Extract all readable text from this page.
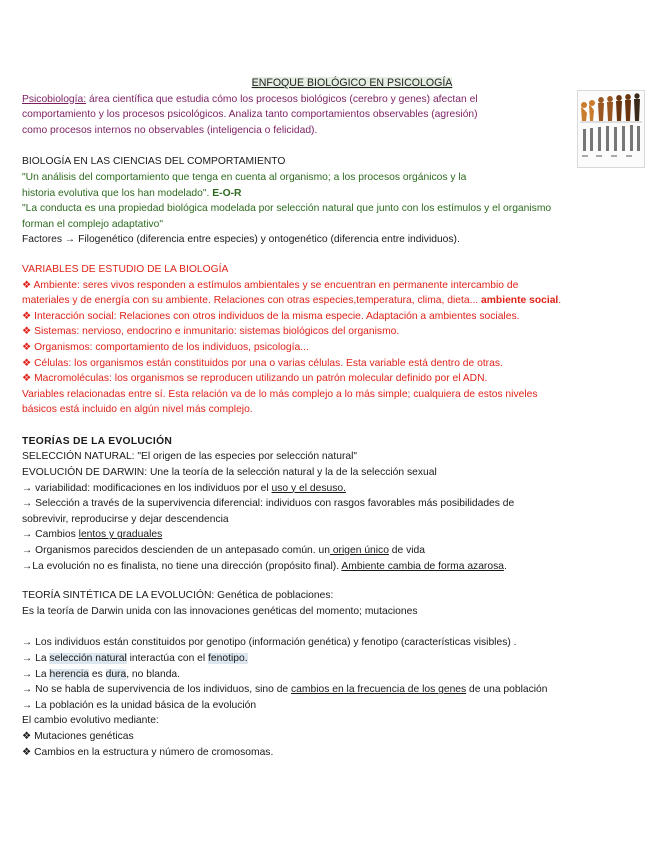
ENFOQUE BIOLÓGICO EN PSICOLOGÍA
Psicobiología: área científica que estudia cómo los procesos biológicos (cerebro y genes) afectan el
comportamiento y los procesos psicológicos. Analiza tanto comportamientos observables (agresión)
como procesos internos no observables (inteligencia o felicidad).
BIOLOGÍA EN LAS CIENCIAS DEL COMPORTAMIENTO
"Un análisis del comportamiento que tenga en cuenta al organismo; a los procesos orgánicos y la
historia evolutiva que los han modelado". E-O-R
"La conducta es una propiedad biológica modelada por selección natural que junto con los estímulos y el organismo
forman el complejo adaptativo"
Factores → Filogenético (diferencia entre especies) y ontogenético (diferencia entre individuos).
VARIABLES DE ESTUDIO DE LA BIOLOGÍA
❖ Ambiente: seres vivos responden a estímulos ambientales y se encuentran en permanente intercambio de
materiales y de energía con su ambiente. Relaciones con otras especies,temperatura, clima, dieta... ambiente social.
❖ Interacción social: Relaciones con otros individuos de la misma especie. Adaptación a ambientes sociales.
❖ Sistemas: nervioso, endocrino e inmunitario: sistemas biológicos del organismo.
❖ Organismos: comportamiento de los individuos, psicología...
❖ Células: los organismos están constituidos por una o varias células. Esta variable está dentro de otras.
❖ Macromoléculas: los organismos se reproducen utilizando un patrón molecular definido por el ADN.
Variables relacionadas entre sí. Esta relación va de lo más complejo a lo más simple; cualquiera de estos niveles
básicos está incluido en algún nivel más complejo.
TEORÍAS DE LA EVOLUCIÓN
SELECCIÓN NATURAL: "El origen de las especies por selección natural"
EVOLUCIÓN DE DARWIN: Une la teoría de la selección natural y la de la selección sexual
→ variabilidad: modificaciones en los individuos por el uso y el desuso.
→ Selección a través de la supervivencia diferencial: individuos con rasgos favorables más posibilidades de
sobrevivir, reproducirse y dejar descendencia
→ Cambios lentos y graduales
→ Organismos parecidos descienden de un antepasado común. un origen único de vida
→La evolución no es finalista, no tiene una dirección (propósito final). Ambiente cambia de forma azarosa.
TEORÍA SINTÉTICA DE LA EVOLUCIÓN: Genética de poblaciones:
Es la teoría de Darwin unida con las innovaciones genéticas del momento; mutaciones
→ Los individuos están constituidos por genotipo (información genética) y fenotipo (características visibles) .
→ La selección natural interactúa con el fenotipo.
→ La herencia es dura, no blanda.
→ No se habla de supervivencia de los individuos, sino de cambios en la frecuencia de los genes de una población
→ La población es la unidad básica de la evolución
El cambio evolutivo mediante:
❖ Mutaciones genéticas
❖ Cambios en la estructura y número de cromosomas.
